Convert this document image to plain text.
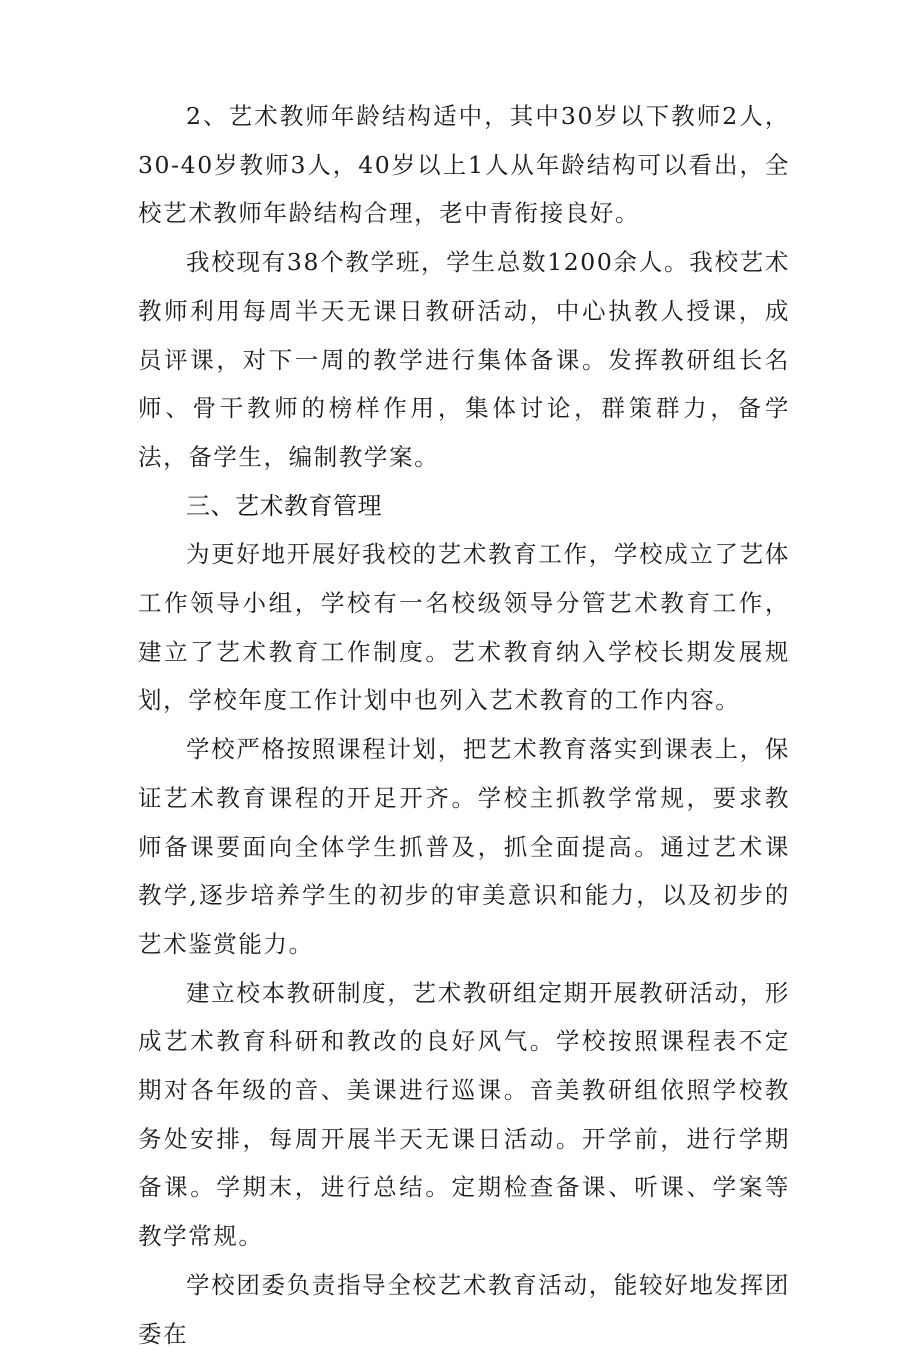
2、艺术教师年龄结构适中，其中30岁以下教师2人，30-40岁教师3人，40岁以上1人从年龄结构可以看出，全校艺术教师年龄结构合理，老中青衔接良好。

我校现有38个教学班，学生总数1200余人。我校艺术教师利用每周半天无课日教研活动，中心执教人授课，成员评课，对下一周的教学进行集体备课。发挥教研组长名师、骨干教师的榜样作用，集体讨论，群策群力，备学法，备学生，编制教学案。

三、艺术教育管理

为更好地开展好我校的艺术教育工作，学校成立了艺体工作领导小组，学校有一名校级领导分管艺术教育工作，建立了艺术教育工作制度。艺术教育纳入学校长期发展规划，学校年度工作计划中也列入艺术教育的工作内容。

学校严格按照课程计划，把艺术教育落实到课表上，保证艺术教育课程的开足开齐。学校主抓教学常规，要求教师备课要面向全体学生抓普及，抓全面提高。通过艺术课教学,逐步培养学生的初步的审美意识和能力，以及初步的艺术鉴赏能力。

建立校本教研制度，艺术教研组定期开展教研活动，形成艺术教育科研和教改的良好风气。学校按照课程表不定期对各年级的音、美课进行巡课。音美教研组依照学校教务处安排，每周开展半天无课日活动。开学前，进行学期备课。学期末，进行总结。定期检查备课、听课、学案等教学常规。

学校团委负责指导全校艺术教育活动，能较好地发挥团委在
